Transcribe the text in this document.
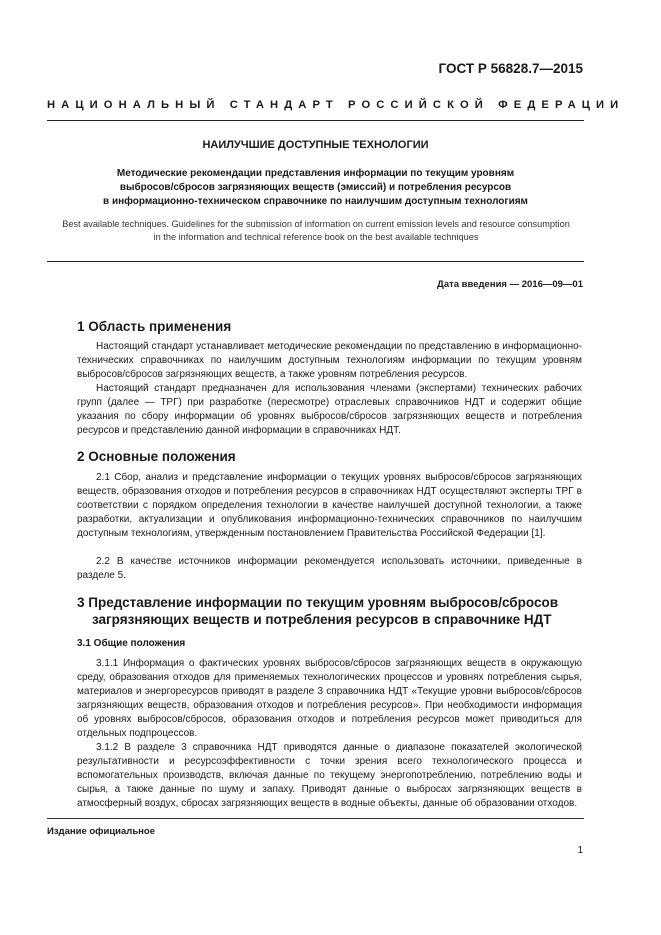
ГОСТ Р 56828.7—2015
НАЦИОНАЛЬНЫЙ СТАНДАРТ РОССИЙСКОЙ ФЕДЕРАЦИИ
НАИЛУЧШИЕ ДОСТУПНЫЕ ТЕХНОЛОГИИ
Методические рекомендации представления информации по текущим уровням
выбросов/сбросов загрязняющих веществ (эмиссий) и потребления ресурсов
в информационно-техническом справочнике по наилучшим доступным технологиям
Best available techniques. Guidelines for the submission of information on current emission levels and resource consumption in the information and technical reference book on the best available techniques
Дата введения — 2016—09—01
1 Область применения

Настоящий стандарт устанавливает методические рекомендации по представлению в информационно-технических справочниках по наилучшим доступным технологиям информации по текущим уровням выбросов/сбросов загрязняющих веществ, а также уровням потребления ресурсов.

Настоящий стандарт предназначен для использования членами (экспертами) технических рабочих групп (далее — ТРГ) при разработке (пересмотре) отраслевых справочников НДТ и содержит общие указания по сбору информации об уровнях выбросов/сбросов загрязняющих веществ и потребления ресурсов и представлению данной информации в справочниках НДТ.

2 Основные положения

2.1 Сбор, анализ и представление информации о текущих уровнях выбросов/сбросов загрязняющих веществ, образования отходов и потребления ресурсов в справочниках НДТ осуществляют эксперты ТРГ в соответствии с порядком определения технологии в качестве наилучшей доступной технологии, а также разработки, актуализации и опубликования информационно-технических справочников по наилучшим доступным технологиям, утвержденным постановлением Правительства Российской Федерации [1].

2.2 В качестве источников информации рекомендуется использовать источники, приведенные в разделе 5.

3 Представление информации по текущим уровням выбросов/сбросов
загрязняющих веществ и потребления ресурсов в справочнике НДТ
3.1 Общие положения

3.1.1 Информация о фактических уровнях выбросов/сбросов загрязняющих веществ в окружающую среду, образования отходов для применяемых технологических процессов и уровнях потребления сырья, материалов и энергоресурсов приводят в разделе 3 справочника НДТ «Текущие уровни выбросов/сбросов загрязняющих веществ, образования отходов и потребления ресурсов». При необходимости информация об уровнях выбросов/сбросов, образования отходов и потребления ресурсов может приводиться для отдельных подпроцессов.

3.1.2 В разделе 3 справочника НДТ приводятся данные о диапазоне показателей экологической результативности и ресурсоэффективности с точки зрения всего технологического процесса и вспомогательных производств, включая данные по текущему энергопотреблению, потреблению воды и сырья, а также данные по шуму и запаху. Приводят данные о выбросах загрязняющих веществ в атмосферный воздух, сбросах загрязняющих веществ в водные объекты, данные об образовании отходов.

Издание официальное
1
